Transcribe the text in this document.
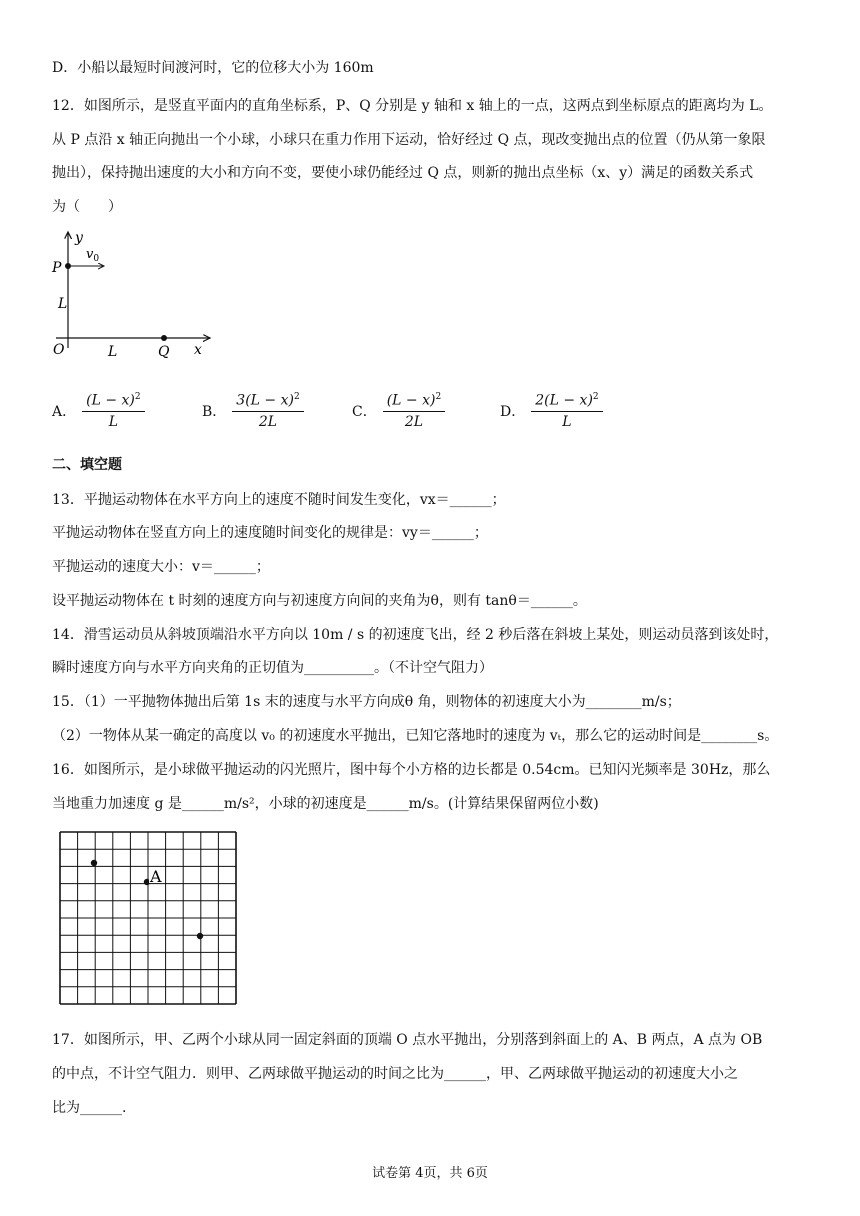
D．小船以最短时间渡河时，它的位移大小为 160m
12．如图所示，是竖直平面内的直角坐标系，P、Q 分别是 y 轴和 x 轴上的一点，这两点到坐标原点的距离均为 L。
从 P 点沿 x 轴正向抛出一个小球，小球只在重力作用下运动，恰好经过 Q 点，现改变抛出点的位置（仍从第一象限
抛出），保持抛出速度的大小和方向不变，要使小球仍能经过 Q 点，则新的抛出点坐标（x、y）满足的函数关系式
为（　　）
y
$v_0$
P
L
O	L	Q x
A． $\frac{(L - x)^2}{L}$	B． $\frac{3(L - x)^2}{2L}$	C． $\frac{(L - x)^2}{2L}$	D． $\frac{2(L - x)^2}{L}$
二、填空题
13．平抛运动物体在水平方向上的速度不随时间发生变化，vx＝______；
平抛运动物体在竖直方向上的速度随时间变化的规律是：vy＝______；
平抛运动的速度大小：v＝______；
设平抛运动物体在 t 时刻的速度方向与初速度方向间的夹角为θ，则有 tanθ＝______。
14．滑雪运动员从斜坡顶端沿水平方向以 10m / s 的初速度飞出，经 2 秒后落在斜坡上某处，则运动员落到该处时，
瞬时速度方向与水平方向夹角的正切值为__________。（不计空气阻力）
15．（1）一平抛物体抛出后第 1s 末的速度与水平方向成θ 角，则物体的初速度大小为________m/s；
（2）一物体从某一确定的高度以 v₀ 的初速度水平抛出，已知它落地时的速度为 vₜ，那么它的运动时间是________s。
16．如图所示，是小球做平抛运动的闪光照片，图中每个小方格的边长都是 0.54cm。已知闪光频率是 30Hz，那么
当地重力加速度 g 是______m/s²，小球的初速度是______m/s。(计算结果保留两位小数)
A
17．如图所示，甲、乙两个小球从同一固定斜面的顶端 O 点水平抛出，分别落到斜面上的 A、B 两点，A 点为 OB
的中点，不计空气阻力．则甲、乙两球做平抛运动的时间之比为______，甲、乙两球做平抛运动的初速度大小之
比为______.
试卷第 4页，共 6页
